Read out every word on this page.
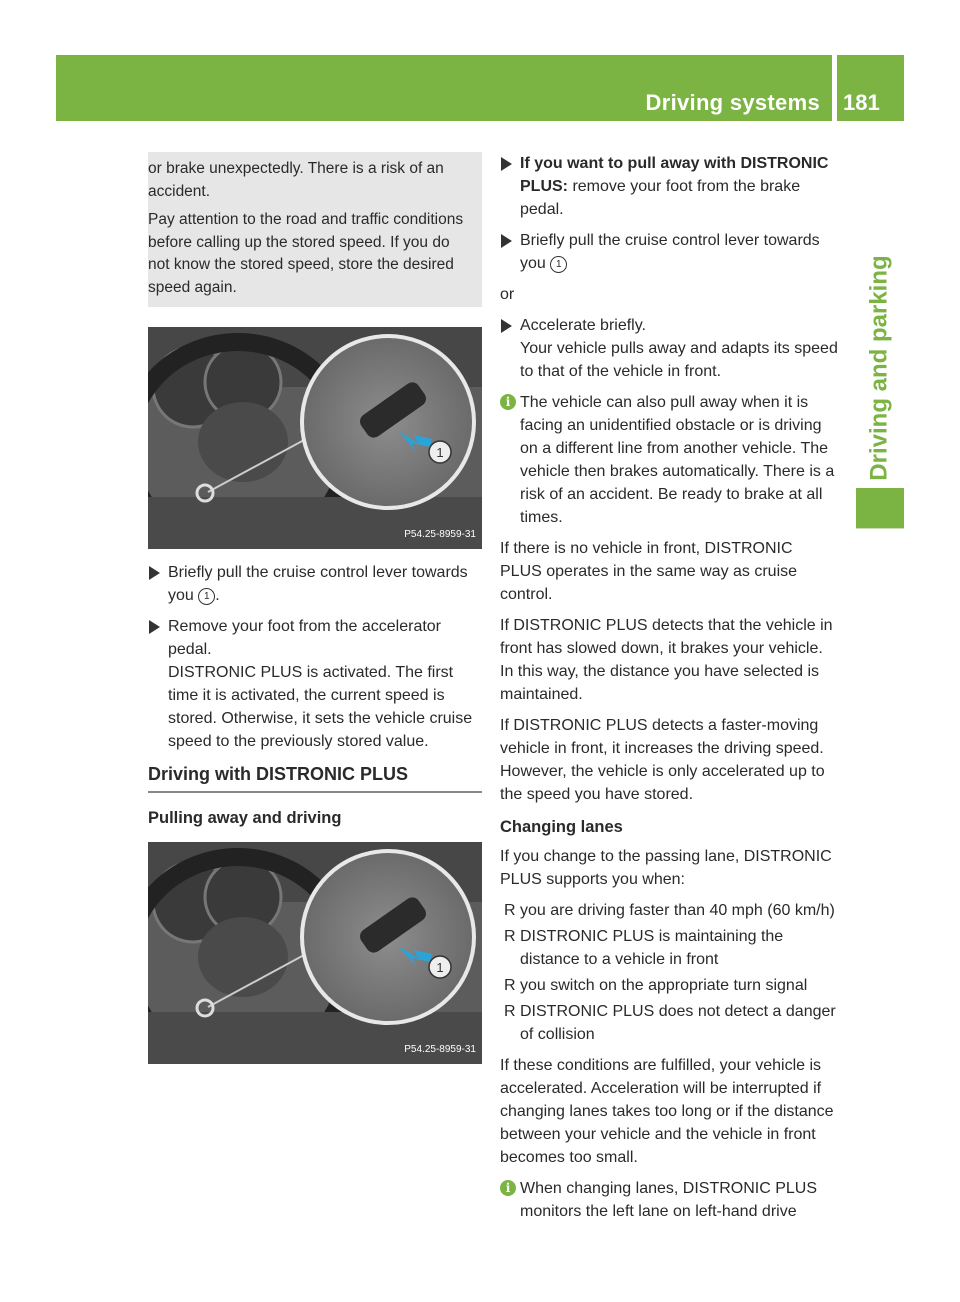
Driving systems 181
Driving and parking

or brake unexpectedly. There is a risk of an accident.

Pay attention to the road and traffic conditions before calling up the stored speed. If you do not know the stored speed, store the desired speed again.

1
P54.25-8959-31
Briefly pull the cruise control lever towards you 1 .
Remove your foot from the accelerator pedal.
DISTRONIC PLUS is activated. The first time it is activated, the current speed is stored. Otherwise, it sets the vehicle cruise speed to the previously stored value.
Driving with DISTRONIC PLUS
Pulling away and driving
1
P54.25-8959-31
If you want to pull away with DISTRONIC PLUS: remove your foot from the brake pedal.
Briefly pull the cruise control lever towards you 1
or
Accelerate briefly.
Your vehicle pulls away and adapts its speed to that of the vehicle in front.
i The vehicle can also pull away when it is facing an unidentified obstacle or is driving on a different line from another vehicle. The vehicle then brakes automatically. There is a risk of an accident. Be ready to brake at all times.
If there is no vehicle in front, DISTRONIC PLUS operates in the same way as cruise control.
If DISTRONIC PLUS detects that the vehicle in front has slowed down, it brakes your vehicle. In this way, the distance you have selected is maintained.
If DISTRONIC PLUS detects a faster-moving vehicle in front, it increases the driving speed. However, the vehicle is only accelerated up to the speed you have stored.
Changing lanes
If you change to the passing lane, DISTRONIC PLUS supports you when:
R you are driving faster than 40 mph (60 km/h)
R DISTRONIC PLUS is maintaining the distance to a vehicle in front
R you switch on the appropriate turn signal
R DISTRONIC PLUS does not detect a danger of collision
If these conditions are fulfilled, your vehicle is accelerated. Acceleration will be interrupted if changing lanes takes too long or if the distance between your vehicle and the vehicle in front becomes too small.
i When changing lanes, DISTRONIC PLUS monitors the left lane on left-hand drive
